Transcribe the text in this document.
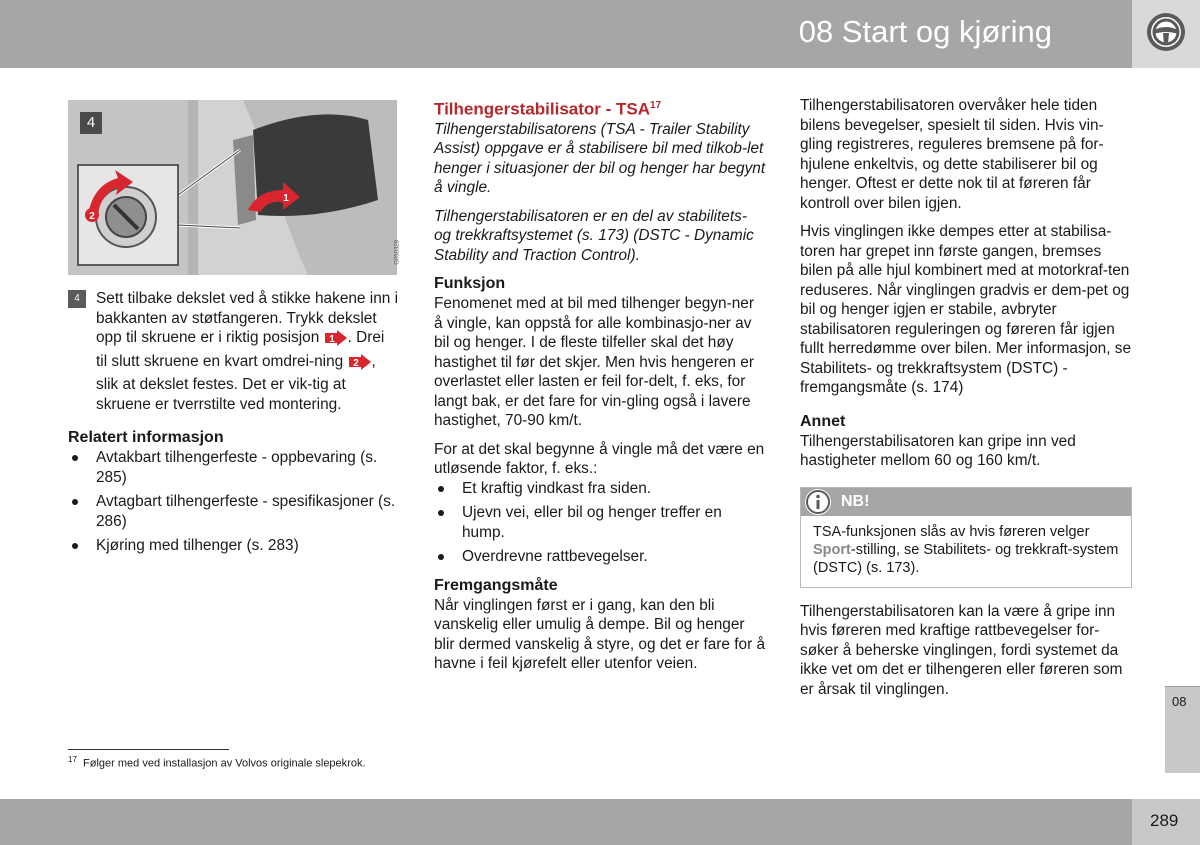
08 Start og kjøring
2
1
4
G050328
4	Sett tilbake dekslet ved å stikke hakene inn i bakkanten av støtfangeren. Trykk dekslet opp til skruene er i riktig posisjon 1 . Drei til slutt skruene en kvart omdrei-ning 2 , slik at dekslet festes. Det er vik-tig at skruene er tverrstilte ved montering.
Relatert informasjon
Avtakbart tilhengerfeste - oppbevaring (s. 285)
Avtagbart tilhengerfeste - spesifikasjoner (s. 286)
Kjøring med tilhenger (s. 283)
Tilhengerstabilisator - TSA$^{17}$

Tilhengerstabilisatorens (TSA - Trailer Stability Assist) oppgave er å stabilisere bil med tilkob-let henger i situasjoner der bil og henger har begynt å vingle.

Tilhengerstabilisatoren er en del av stabilitets- og trekkraftsystemet (s. 173) (DSTC - Dynamic Stability and Traction Control).

Funksjon

Fenomenet med at bil med tilhenger begyn-ner å vingle, kan oppstå for alle kombinasjo-ner av bil og henger. I de fleste tilfeller skal det høy hastighet til før det skjer. Men hvis hengeren er overlastet eller lasten er feil for-delt, f. eks, for langt bak, er det fare for vin-gling også i lavere hastighet, 70-90 km/t.

For at det skal begynne å vingle må det være en utløsende faktor, f. eks.:

Et kraftig vindkast fra siden.
Ujevn vei, eller bil og henger treffer en hump.
Overdrevne rattbevegelser.
Fremgangsmåte

Når vinglingen først er i gang, kan den bli vanskelig eller umulig å dempe. Bil og henger blir dermed vanskelig å styre, og det er fare for å havne i feil kjørefelt eller utenfor veien.

Tilhengerstabilisatoren overvåker hele tiden bilens bevegelser, spesielt til siden. Hvis vin-gling registreres, reguleres bremsene på for-hjulene enkeltvis, og dette stabiliserer bil og henger. Oftest er dette nok til at føreren får kontroll over bilen igjen.

Hvis vinglingen ikke dempes etter at stabilisa-toren har grepet inn første gangen, bremses bilen på alle hjul kombinert med at motorkraf-ten reduseres. Når vinglingen gradvis er dem-pet og bil og henger igjen er stabile, avbryter stabilisatoren reguleringen og føreren får igjen fullt herredømme over bilen. Mer informasjon, se Stabilitets- og trekkraftsystem (DSTC) - fremgangsmåte (s. 174)

Annet

Tilhengerstabilisatoren kan gripe inn ved hastigheter mellom 60 og 160 km/t.

NB!
TSA-funksjonen slås av hvis føreren velger Sport-stilling, se Stabilitets- og trekkraft-system (DSTC) (s. 173).

Tilhengerstabilisatoren kan la være å gripe inn hvis føreren med kraftige rattbevegelser for-søker å beherske vinglingen, fordi systemet da ikke vet om det er tilhengeren eller føreren som er årsak til vinglingen.

$^{17}$ Følger med ved installasjon av Volvos originale slepekrok.
08
289
